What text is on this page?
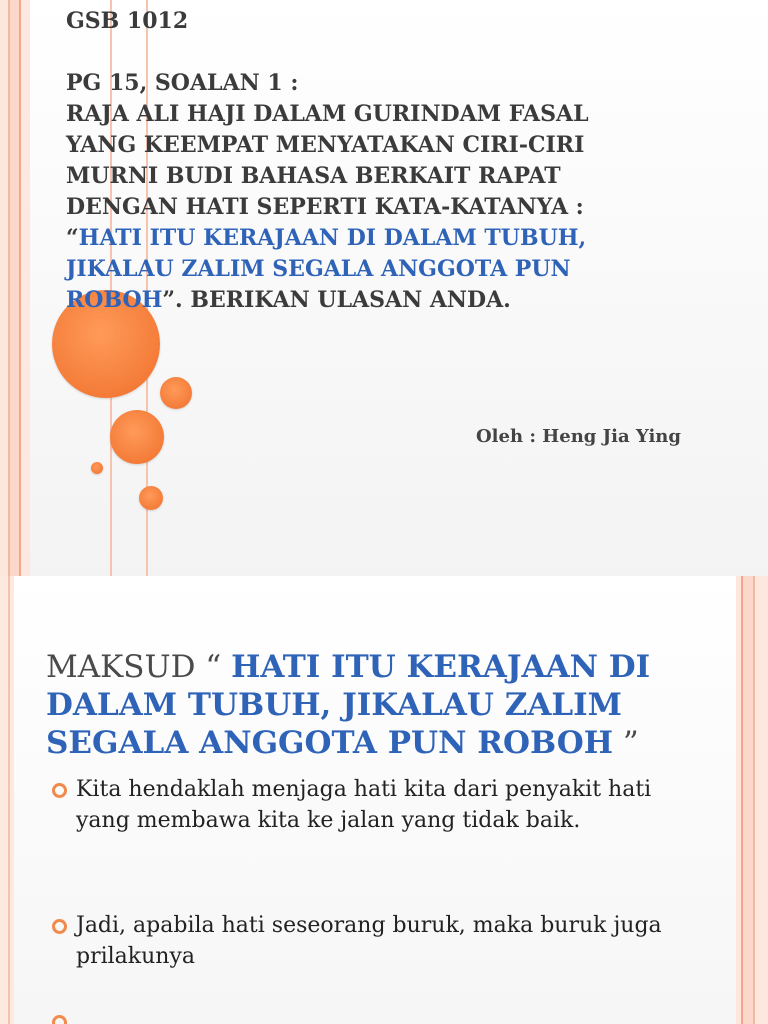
GSB 1012
PG 15, SOALAN 1 :
RAJA ALI HAJI DALAM GURINDAM FASAL
YANG KEEMPAT MENYATAKAN CIRI-CIRI
MURNI BUDI BAHASA BERKAIT RAPAT
DENGAN HATI SEPERTI KATA-KATANYA :
“HATI ITU KERAJAAN DI DALAM TUBUH,
JIKALAU ZALIM SEGALA ANGGOTA PUN
ROBOH”. BERIKAN ULASAN ANDA.
Oleh : Heng Jia Ying
MAKSUD “ HATI ITU KERAJAAN DI
DALAM TUBUH, JIKALAU ZALIM
SEGALA ANGGOTA PUN ROBOH ”
Kita hendaklah menjaga hati kita dari penyakit hati yang membawa kita ke jalan yang tidak baik.
Jadi, apabila hati seseorang buruk, maka buruk juga prilakunya
